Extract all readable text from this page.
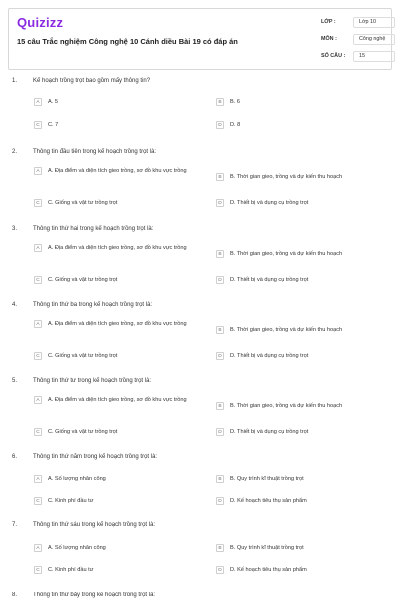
Quizizz
15 câu Trắc nghiệm Công nghệ 10 Cánh diều Bài 19 có đáp án
LỚP :	Lớp 10
MÔN :	Công nghệ
SỐ CÂU :	15
1.	Kế hoạch trồng trọt bao gồm mấy thông tin?
A	A. 5	B	B. 6
C	C. 7	D	D. 8
2.	Thông tin đầu tiên trong kế hoạch trồng trọt là:
A	A. Địa điểm và diện tích gieo trồng, sơ đồ khu vực trồng
B	B. Thời gian gieo, trồng và dự kiến thu hoạch
C	C. Giống và vật tư trồng trọt	D	D. Thiết bị và dụng cụ trồng trọt
3.	Thông tin thứ hai trong kế hoạch trồng trọt là:
A	A. Địa điểm và diện tích gieo trồng, sơ đồ khu vực trồng
B	B. Thời gian gieo, trồng và dự kiến thu hoạch
C	C. Giống và vật tư trồng trọt	D	D. Thiết bị và dụng cụ trồng trọt
4.	Thông tin thứ ba trong kế hoạch trồng trọt là:
A	A. Địa điểm và diện tích gieo trồng, sơ đồ khu vực trồng
B	B. Thời gian gieo, trồng và dự kiến thu hoạch
C	C. Giống và vật tư trồng trọt	D	D. Thiết bị và dụng cụ trồng trọt
5.	Thông tin thứ tư trong kế hoạch trồng trọt là:
A	A. Địa điểm và diện tích gieo trồng, sơ đồ khu vực trồng
B	B. Thời gian gieo, trồng và dự kiến thu hoạch
C	C. Giống và vật tư trồng trọt	D	D. Thiết bị và dụng cụ trồng trọt
6.	Thông tin thứ năm trong kế hoạch trồng trọt là:
A	A. Số lượng nhân công	B	B. Quy trình kĩ thuật trồng trọt
C	C. Kinh phí đầu tư	D	D. Kế hoạch tiêu thụ sản phẩm
7.	Thông tin thứ sáu trong kế hoạch trồng trọt là:
A	A. Số lượng nhân công	B	B. Quy trình kĩ thuật trồng trọt
C	C. Kinh phí đầu tư	D	D. Kế hoạch tiêu thụ sản phẩm
8.	Thông tin thứ bảy trong kế hoạch trồng trọt là:
